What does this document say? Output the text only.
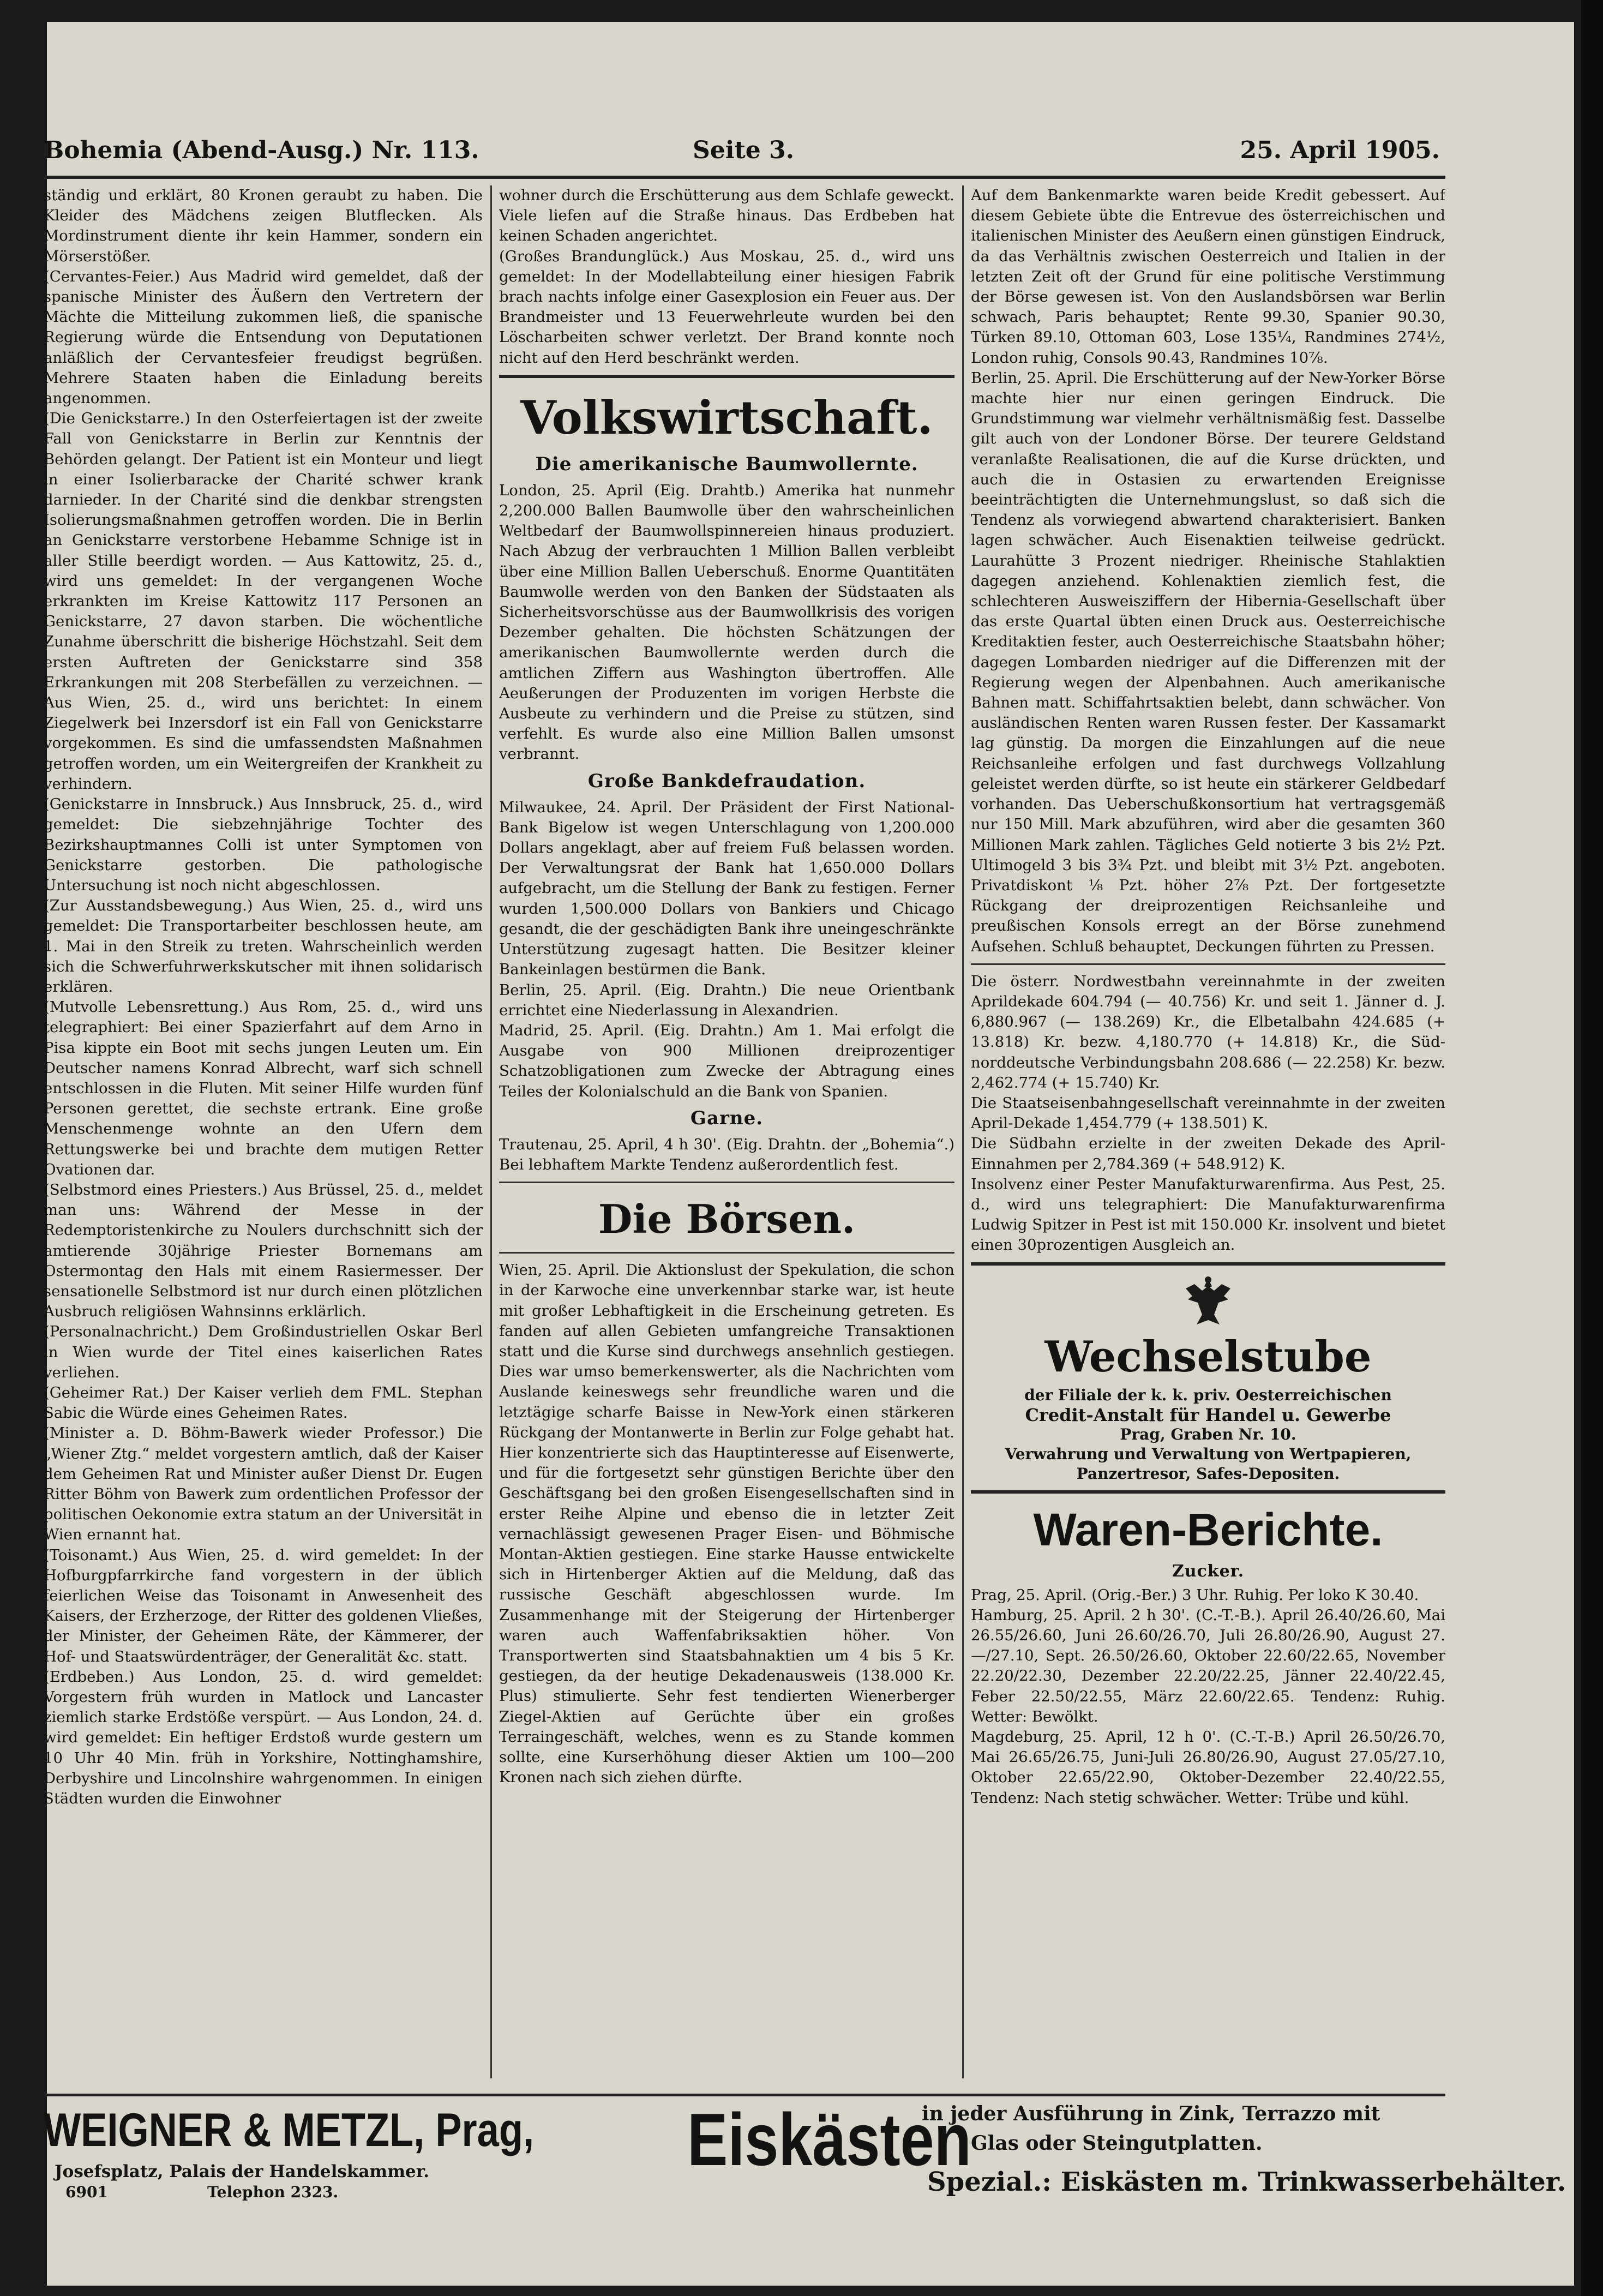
Bohemia (Abend-Ausg.) Nr. 113.	Seite 3.	25. April 1905.

ständig und erklärt, 80 Kronen geraubt zu haben. Die Kleider des Mädchens zeigen Blutflecken. Als Mordinstrument diente ihr kein Hammer, sondern ein Mörserstößer.

(Cervantes-Feier.) Aus Madrid wird gemeldet, daß der spanische Minister des Äußern den Vertretern der Mächte die Mitteilung zukommen ließ, die spanische Regierung würde die Entsendung von Deputationen anläßlich der Cervantesfeier freudigst begrüßen. Mehrere Staaten haben die Einladung bereits angenommen.

(Die Genickstarre.) In den Osterfeiertagen ist der zweite Fall von Genickstarre in Berlin zur Kenntnis der Behörden gelangt. Der Patient ist ein Monteur und liegt in einer Isolierbaracke der Charité schwer krank darnieder. In der Charité sind die denkbar strengsten Isolierungsmaßnahmen getroffen worden. Die in Berlin an Genickstarre verstorbene Hebamme Schnige ist in aller Stille beerdigt worden. — Aus Kattowitz, 25. d., wird uns gemeldet: In der vergangenen Woche erkrankten im Kreise Kattowitz 117 Personen an Genickstarre, 27 davon starben. Die wöchentliche Zunahme überschritt die bisherige Höchstzahl. Seit dem ersten Auftreten der Genickstarre sind 358 Erkrankungen mit 208 Sterbefällen zu verzeichnen. — Aus Wien, 25. d., wird uns berichtet: In einem Ziegelwerk bei Inzersdorf ist ein Fall von Genickstarre vorgekommen. Es sind die umfassendsten Maßnahmen getroffen worden, um ein Weitergreifen der Krankheit zu verhindern.

(Genickstarre in Innsbruck.) Aus Innsbruck, 25. d., wird gemeldet: Die siebzehnjährige Tochter des Bezirkshauptmannes Colli ist unter Symptomen von Genickstarre gestorben. Die pathologische Untersuchung ist noch nicht abgeschlossen.

(Zur Ausstandsbewegung.) Aus Wien, 25. d., wird uns gemeldet: Die Transportarbeiter beschlossen heute, am 1. Mai in den Streik zu treten. Wahrscheinlich werden sich die Schwerfuhrwerkskutscher mit ihnen solidarisch erklären.

(Mutvolle Lebensrettung.) Aus Rom, 25. d., wird uns telegraphiert: Bei einer Spazierfahrt auf dem Arno in Pisa kippte ein Boot mit sechs jungen Leuten um. Ein Deutscher namens Konrad Albrecht, warf sich schnell entschlossen in die Fluten. Mit seiner Hilfe wurden fünf Personen gerettet, die sechste ertrank. Eine große Menschenmenge wohnte an den Ufern dem Rettungswerke bei und brachte dem mutigen Retter Ovationen dar.

(Selbstmord eines Priesters.) Aus Brüssel, 25. d., meldet man uns: Während der Messe in der Redemptoristenkirche zu Noulers durchschnitt sich der amtierende 30jährige Priester Bornemans am Ostermontag den Hals mit einem Rasiermesser. Der sensationelle Selbstmord ist nur durch einen plötzlichen Ausbruch religiösen Wahnsinns erklärlich.

(Personalnachricht.) Dem Großindustriellen Oskar Berl in Wien wurde der Titel eines kaiserlichen Rates verliehen.

(Geheimer Rat.) Der Kaiser verlieh dem FML. Stephan Sabic die Würde eines Geheimen Rates.

(Minister a. D. Böhm-Bawerk wieder Professor.) Die „Wiener Ztg.“ meldet vorgestern amtlich, daß der Kaiser dem Geheimen Rat und Minister außer Dienst Dr. Eugen Ritter Böhm von Bawerk zum ordentlichen Professor der politischen Oekonomie extra statum an der Universität in Wien ernannt hat.

(Toisonamt.) Aus Wien, 25. d. wird gemeldet: In der Hofburgpfarrkirche fand vorgestern in der üblich feierlichen Weise das Toisonamt in Anwesenheit des Kaisers, der Erzherzoge, der Ritter des goldenen Vließes, der Minister, der Geheimen Räte, der Kämmerer, der Hof- und Staatswürdenträger, der Generalität &c. statt.

(Erdbeben.) Aus London, 25. d. wird gemeldet: Vorgestern früh wurden in Matlock und Lancaster ziemlich starke Erdstöße verspürt. — Aus London, 24. d. wird gemeldet: Ein heftiger Erdstoß wurde gestern um 10 Uhr 40 Min. früh in Yorkshire, Nottinghamshire, Derbyshire und Lincolnshire wahrgenommen. In einigen Städten wurden die Einwohner

wohner durch die Erschütterung aus dem Schlafe geweckt. Viele liefen auf die Straße hinaus. Das Erdbeben hat keinen Schaden angerichtet.

(Großes Brandunglück.) Aus Moskau, 25. d., wird uns gemeldet: In der Modellabteilung einer hiesigen Fabrik brach nachts infolge einer Gasexplosion ein Feuer aus. Der Brandmeister und 13 Feuerwehrleute wurden bei den Löscharbeiten schwer verletzt. Der Brand konnte noch nicht auf den Herd beschränkt werden.

Volkswirtschaft.
Die amerikanische Baumwollernte.

London, 25. April (Eig. Drahtb.) Amerika hat nunmehr 2,200.000 Ballen Baumwolle über den wahrscheinlichen Weltbedarf der Baumwollspinnereien hinaus produziert. Nach Abzug der verbrauchten 1 Million Ballen verbleibt über eine Million Ballen Ueberschuß. Enorme Quantitäten Baumwolle werden von den Banken der Südstaaten als Sicherheitsvorschüsse aus der Baumwollkrisis des vorigen Dezember gehalten. Die höchsten Schätzungen der amerikanischen Baumwollernte werden durch die amtlichen Ziffern aus Washington übertroffen. Alle Aeußerungen der Produzenten im vorigen Herbste die Ausbeute zu verhindern und die Preise zu stützen, sind verfehlt. Es wurde also eine Million Ballen umsonst verbrannt.

Große Bankdefraudation.

Milwaukee, 24. April. Der Präsident der First National-Bank Bigelow ist wegen Unterschlagung von 1,200.000 Dollars angeklagt, aber auf freiem Fuß belassen worden. Der Verwaltungsrat der Bank hat 1,650.000 Dollars aufgebracht, um die Stellung der Bank zu festigen. Ferner wurden 1,500.000 Dollars von Bankiers und Chicago gesandt, die der geschädigten Bank ihre uneingeschränkte Unterstützung zugesagt hatten. Die Besitzer kleiner Bankeinlagen bestürmen die Bank.

Berlin, 25. April. (Eig. Drahtn.) Die neue Orientbank errichtet eine Niederlassung in Alexandrien.

Madrid, 25. April. (Eig. Drahtn.) Am 1. Mai erfolgt die Ausgabe von 900 Millionen dreiprozentiger Schatzobligationen zum Zwecke der Abtragung eines Teiles der Kolonialschuld an die Bank von Spanien.

Garne.

Trautenau, 25. April, 4 h 30'. (Eig. Drahtn. der „Bohemia“.) Bei lebhaftem Markte Tendenz außerordentlich fest.

Die Börsen.

Wien, 25. April. Die Aktionslust der Spekulation, die schon in der Karwoche eine unverkennbar starke war, ist heute mit großer Lebhaftigkeit in die Erscheinung getreten. Es fanden auf allen Gebieten umfangreiche Transaktionen statt und die Kurse sind durchwegs ansehnlich gestiegen. Dies war umso bemerkenswerter, als die Nachrichten vom Auslande keineswegs sehr freundliche waren und die letztägige scharfe Baisse in New-York einen stärkeren Rückgang der Montanwerte in Berlin zur Folge gehabt hat. Hier konzentrierte sich das Hauptinteresse auf Eisenwerte, und für die fortgesetzt sehr günstigen Berichte über den Geschäftsgang bei den großen Eisengesellschaften sind in erster Reihe Alpine und ebenso die in letzter Zeit vernachlässigt gewesenen Prager Eisen- und Böhmische Montan-Aktien gestiegen. Eine starke Hausse entwickelte sich in Hirtenberger Aktien auf die Meldung, daß das russische Geschäft abgeschlossen wurde. Im Zusammenhange mit der Steigerung der Hirtenberger waren auch Waffenfabriksaktien höher. Von Transportwerten sind Staatsbahnaktien um 4 bis 5 Kr. gestiegen, da der heutige Dekadenausweis (138.000 Kr. Plus) stimulierte. Sehr fest tendierten Wienerberger Ziegel-Aktien auf Gerüchte über ein großes Terraingeschäft, welches, wenn es zu Stande kommen sollte, eine Kurserhöhung dieser Aktien um 100—200 Kronen nach sich ziehen dürfte.

Auf dem Bankenmarkte waren beide Kredit gebessert. Auf diesem Gebiete übte die Entrevue des österreichischen und italienischen Minister des Aeußern einen günstigen Eindruck, da das Verhältnis zwischen Oesterreich und Italien in der letzten Zeit oft der Grund für eine politische Verstimmung der Börse gewesen ist. Von den Auslandsbörsen war Berlin schwach, Paris behauptet; Rente 99.30, Spanier 90.30, Türken 89.10, Ottoman 603, Lose 135¼, Randmines 274½, London ruhig, Consols 90.43, Randmines 10⅞.

Berlin, 25. April. Die Erschütterung auf der New-Yorker Börse machte hier nur einen geringen Eindruck. Die Grundstimmung war vielmehr verhältnismäßig fest. Dasselbe gilt auch von der Londoner Börse. Der teurere Geldstand veranlaßte Realisationen, die auf die Kurse drückten, und auch die in Ostasien zu erwartenden Ereignisse beeinträchtigten die Unternehmungslust, so daß sich die Tendenz als vorwiegend abwartend charakterisiert. Banken lagen schwächer. Auch Eisenaktien teilweise gedrückt. Laurahütte 3 Prozent niedriger. Rheinische Stahlaktien dagegen anziehend. Kohlenaktien ziemlich fest, die schlechteren Ausweisziffern der Hibernia-Gesellschaft über das erste Quartal übten einen Druck aus. Oesterreichische Kreditaktien fester, auch Oesterreichische Staatsbahn höher; dagegen Lombarden niedriger auf die Differenzen mit der Regierung wegen der Alpenbahnen. Auch amerikanische Bahnen matt. Schiffahrtsaktien belebt, dann schwächer. Von ausländischen Renten waren Russen fester. Der Kassamarkt lag günstig. Da morgen die Einzahlungen auf die neue Reichsanleihe erfolgen und fast durchwegs Vollzahlung geleistet werden dürfte, so ist heute ein stärkerer Geldbedarf vorhanden. Das Ueberschußkonsortium hat vertragsgemäß nur 150 Mill. Mark abzuführen, wird aber die gesamten 360 Millionen Mark zahlen. Tägliches Geld notierte 3 bis 2½ Pzt. Ultimogeld 3 bis 3¾ Pzt. und bleibt mit 3½ Pzt. angeboten. Privatdiskont ⅛ Pzt. höher 2⅞ Pzt. Der fortgesetzte Rückgang der dreiprozentigen Reichsanleihe und preußischen Konsols erregt an der Börse zunehmend Aufsehen. Schluß behauptet, Deckungen führten zu Pressen.

Die österr. Nordwestbahn vereinnahmte in der zweiten Aprildekade 604.794 (— 40.756) Kr. und seit 1. Jänner d. J. 6,880.967 (— 138.269) Kr., die Elbetalbahn 424.685 (+ 13.818) Kr. bezw. 4,180.770 (+ 14.818) Kr., die Süd-norddeutsche Verbindungsbahn 208.686 (— 22.258) Kr. bezw. 2,462.774 (+ 15.740) Kr.

Die Staatseisenbahngesellschaft vereinnahmte in der zweiten April-Dekade 1,454.779 (+ 138.501) K.

Die Südbahn erzielte in der zweiten Dekade des April-Einnahmen per 2,784.369 (+ 548.912) K.

Insolvenz einer Pester Manufakturwarenfirma. Aus Pest, 25. d., wird uns telegraphiert: Die Manufakturwarenfirma Ludwig Spitzer in Pest ist mit 150.000 Kr. insolvent und bietet einen 30prozentigen Ausgleich an.

Wechselstube
der Filiale der k. k. priv. Oesterreichischen
Credit-Anstalt für Handel u. Gewerbe
Prag, Graben Nr. 10.
Verwahrung und Verwaltung von Wertpapieren,
Panzertresor, Safes-Depositen.
Waren-Berichte.
Zucker.

Prag, 25. April. (Orig.-Ber.) 3 Uhr. Ruhig. Per loko K 30.40.

Hamburg, 25. April. 2 h 30'. (C.-T.-B.). April 26.40/26.60, Mai 26.55/26.60, Juni 26.60/26.70, Juli 26.80/26.90, August 27.—/27.10, Sept. 26.50/26.60, Oktober 22.60/22.65, November 22.20/22.30, Dezember 22.20/22.25, Jänner 22.40/22.45, Feber 22.50/22.55, März 22.60/22.65. Tendenz: Ruhig. Wetter: Bewölkt.

Magdeburg, 25. April, 12 h 0'. (C.-T.-B.) April 26.50/26.70, Mai 26.65/26.75, Juni-Juli 26.80/26.90, August 27.05/27.10, Oktober 22.65/22.90, Oktober-Dezember 22.40/22.55, Tendenz: Nach stetig schwächer. Wetter: Trübe und kühl.

WEIGNER & METZL, Prag,
Josefsplatz, Palais der Handelskammer.
6901	Telephon 2323.
Eiskästen
in jeder Ausführung in Zink, Terrazzo mit
Glas oder Steingutplatten.
Spezial.: Eiskästen m. Trinkwasserbehälter.
